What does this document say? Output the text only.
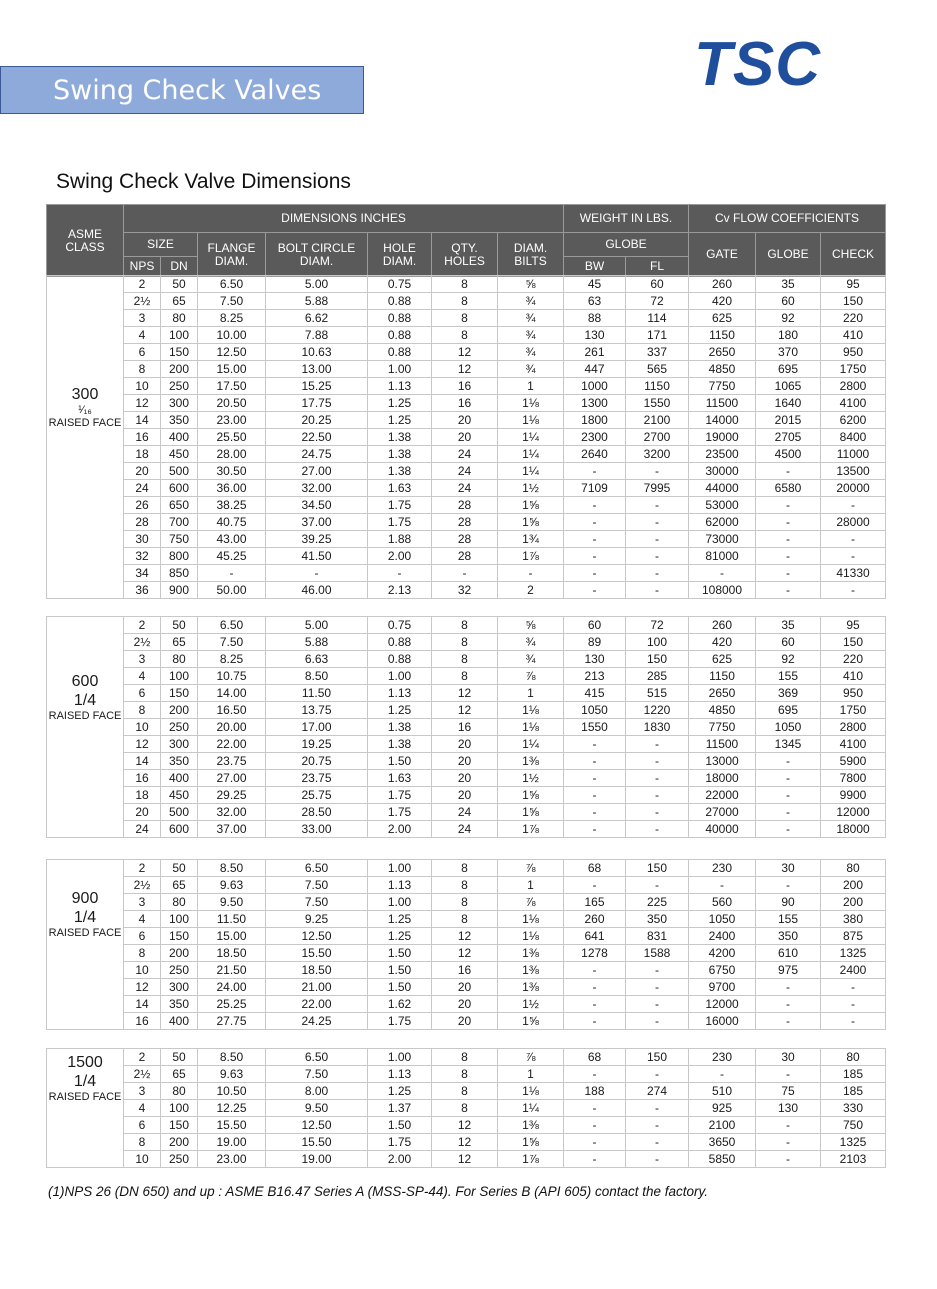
Swing Check Valves	TSC
Swing Check Valve Dimensions
ASME CLASS	DIMENSIONS INCHES							WEIGHT IN LBS.		Cv FLOW COEFFICIENTS		
	SIZE		FLANGE DIAM.	BOLT CIRCLE DIAM.	HOLE DIAM.	QTY. HOLES	DIAM. BILTS	GLOBE		GATE	GLOBE	CHECK
	NPS	DN						BW	FL			
300
¹⁄₁₆
RAISED FACE	2	50	6.50	5.00	0.75	8	⅝	45	60	260	35	95
	2½	65	7.50	5.88	0.88	8	¾	63	72	420	60	150
	3	80	8.25	6.62	0.88	8	¾	88	114	625	92	220
	4	100	10.00	7.88	0.88	8	¾	130	171	1150	180	410
	6	150	12.50	10.63	0.88	12	¾	261	337	2650	370	950
	8	200	15.00	13.00	1.00	12	¾	447	565	4850	695	1750
	10	250	17.50	15.25	1.13	16	1	1000	1150	7750	1065	2800
	12	300	20.50	17.75	1.25	16	1⅛	1300	1550	11500	1640	4100
	14	350	23.00	20.25	1.25	20	1⅛	1800	2100	14000	2015	6200
	16	400	25.50	22.50	1.38	20	1¼	2300	2700	19000	2705	8400
	18	450	28.00	24.75	1.38	24	1¼	2640	3200	23500	4500	11000
	20	500	30.50	27.00	1.38	24	1¼	-	-	30000	-	13500
	24	600	36.00	32.00	1.63	24	1½	7109	7995	44000	6580	20000
	26	650	38.25	34.50	1.75	28	1⅝	-	-	53000	-	-
	28	700	40.75	37.00	1.75	28	1⅝	-	-	62000	-	28000
	30	750	43.00	39.25	1.88	28	1¾	-	-	73000	-	-
	32	800	45.25	41.50	2.00	28	1⅞	-	-	81000	-	-
	34	850	-	-	-	-	-	-	-	-	-	41330
	36	900	50.00	46.00	2.13	32	2	-	-	108000	-	-
600
1/4
RAISED FACE	2	50	6.50	5.00	0.75	8	⅝	60	72	260	35	95
	2½	65	7.50	5.88	0.88	8	¾	89	100	420	60	150
	3	80	8.25	6.63	0.88	8	¾	130	150	625	92	220
	4	100	10.75	8.50	1.00	8	⅞	213	285	1150	155	410
	6	150	14.00	11.50	1.13	12	1	415	515	2650	369	950
	8	200	16.50	13.75	1.25	12	1⅛	1050	1220	4850	695	1750
	10	250	20.00	17.00	1.38	16	1⅛	1550	1830	7750	1050	2800
	12	300	22.00	19.25	1.38	20	1¼	-	-	11500	1345	4100
	14	350	23.75	20.75	1.50	20	1⅜	-	-	13000	-	5900
	16	400	27.00	23.75	1.63	20	1½	-	-	18000	-	7800
	18	450	29.25	25.75	1.75	20	1⅝	-	-	22000	-	9900
	20	500	32.00	28.50	1.75	24	1⅝	-	-	27000	-	12000
	24	600	37.00	33.00	2.00	24	1⅞	-	-	40000	-	18000
900
1/4
RAISED FACE	2	50	8.50	6.50	1.00	8	⅞	68	150	230	30	80
	2½	65	9.63	7.50	1.13	8	1	-	-	-	-	200
	3	80	9.50	7.50	1.00	8	⅞	165	225	560	90	200
	4	100	11.50	9.25	1.25	8	1⅛	260	350	1050	155	380
	6	150	15.00	12.50	1.25	12	1⅛	641	831	2400	350	875
	8	200	18.50	15.50	1.50	12	1⅜	1278	1588	4200	610	1325
	10	250	21.50	18.50	1.50	16	1⅜	-	-	6750	975	2400
	12	300	24.00	21.00	1.50	20	1⅜	-	-	9700	-	-
	14	350	25.25	22.00	1.62	20	1½	-	-	12000	-	-
	16	400	27.75	24.25	1.75	20	1⅝	-	-	16000	-	-
1500
1/4
RAISED FACE	2	50	8.50	6.50	1.00	8	⅞	68	150	230	30	80
	2½	65	9.63	7.50	1.13	8	1	-	-	-	-	185
	3	80	10.50	8.00	1.25	8	1⅛	188	274	510	75	185
	4	100	12.25	9.50	1.37	8	1¼	-	-	925	130	330
	6	150	15.50	12.50	1.50	12	1⅜	-	-	2100	-	750
	8	200	19.00	15.50	1.75	12	1⅝	-	-	3650	-	1325
	10	250	23.00	19.00	2.00	12	1⅞	-	-	5850	-	2103
(1)NPS 26 (DN 650) and up : ASME B16.47 Series A (MSS-SP-44). For Series B (API 605) contact the factory.
